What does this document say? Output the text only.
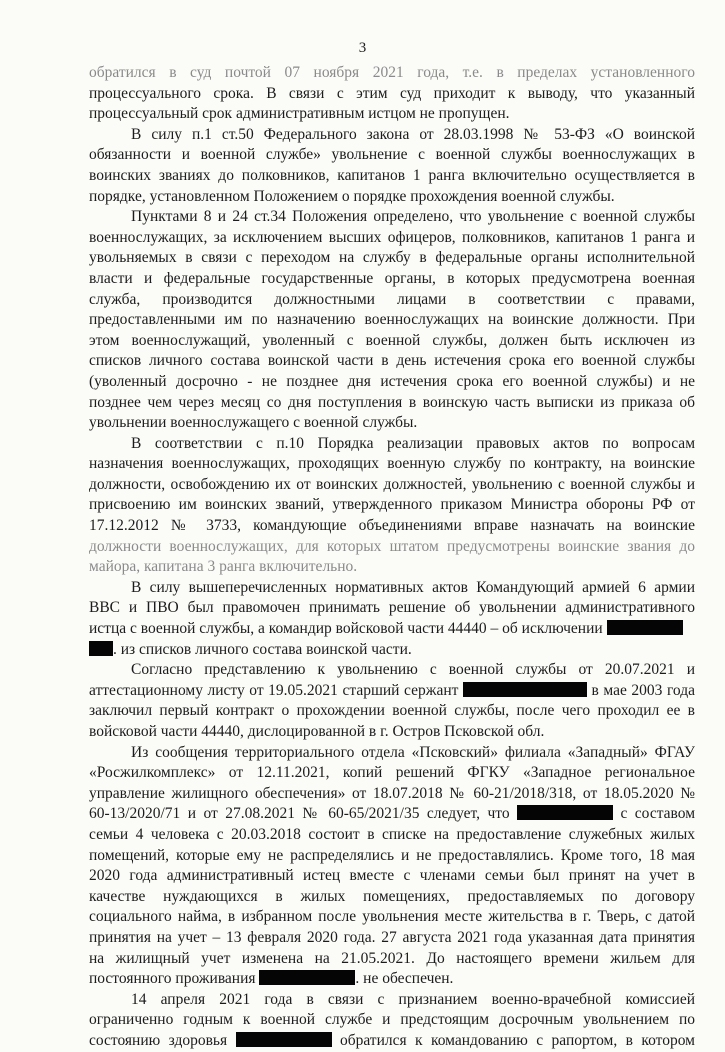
3
обратился в суд почтой 07 ноября 2021 года, т.е. в пределах установленного
процессуального срока. В связи с этим суд приходит к выводу, что указанный
процессуальный срок административным истцом не пропущен.
В силу п.1 ст.50 Федерального закона от 28.03.1998 № 53-ФЗ «О воинской
обязанности и военной службе» увольнение с военной службы военнослужащих в
воинских званиях до полковников, капитанов 1 ранга включительно осуществляется в
порядке, установленном Положением о порядке прохождения военной службы.
Пунктами 8 и 24 ст.34 Положения определено, что увольнение с военной службы
военнослужащих, за исключением высших офицеров, полковников, капитанов 1 ранга и
увольняемых в связи с переходом на службу в федеральные органы исполнительной
власти и федеральные государственные органы, в которых предусмотрена военная
служба, производится должностными лицами в соответствии с правами,
предоставленными им по назначению военнослужащих на воинские должности. При
этом военнослужащий, уволенный с военной службы, должен быть исключен из
списков личного состава воинской части в день истечения срока его военной службы
(уволенный досрочно - не позднее дня истечения срока его военной службы) и не
позднее чем через месяц со дня поступления в воинскую часть выписки из приказа об
увольнении военнослужащего с военной службы.
В соответствии с п.10 Порядка реализации правовых актов по вопросам
назначения военнослужащих, проходящих военную службу по контракту, на воинские
должности, освобождению их от воинских должностей, увольнению с военной службы и
присвоению им воинских званий, утвержденного приказом Министра обороны РФ от
17.12.2012 № 3733, командующие объединениями вправе назначать на воинские
должности военнослужащих, для которых штатом предусмотрены воинские звания до
майора, капитана 3 ранга включительно.
В силу вышеперечисленных нормативных актов Командующий армией 6 армии
ВВС и ПВО был правомочен принимать решение об увольнении административного
истца с военной службы, а командир войсковой части 44440 – об исключении
. из списков личного состава воинской части.
Согласно представлению к увольнению с военной службы от 20.07.2021 и
аттестационному листу от 19.05.2021 старший сержант	в мае 2003 года
заключил первый контракт о прохождении военной службы, после чего проходил ее в
войсковой части 44440, дислоцированной в г. Остров Псковской обл.
Из сообщения территориального отдела «Псковский» филиала «Западный» ФГАУ
«Росжилкомплекс» от 12.11.2021, копий решений ФГКУ «Западное региональное
управление жилищного обеспечения» от 18.07.2018 № 60-21/2018/318, от 18.05.2020 №
60-13/2020/71 и от 27.08.2021 № 60-65/2021/35 следует, что	с составом
семьи 4 человека с 20.03.2018 состоит в списке на предоставление служебных жилых
помещений, которые ему не распределялись и не предоставлялись. Кроме того, 18 мая
2020 года административный истец вместе с членами семьи был принят на учет в
качестве нуждающихся в жилых помещениях, предоставляемых по договору
социального найма, в избранном после увольнения месте жительства в г. Тверь, с датой
принятия на учет – 13 февраля 2020 года. 27 августа 2021 года указанная дата принятия
на жилищный учет изменена на 21.05.2021. До настоящего времени жильем для
постоянного проживания	. не обеспечен.
14 апреля 2021 года в связи с признанием военно-врачебной комиссией
ограниченно годным к военной службе и предстоящим досрочным увольнением по
состоянию здоровья	обратился к командованию с рапортом, в котором
